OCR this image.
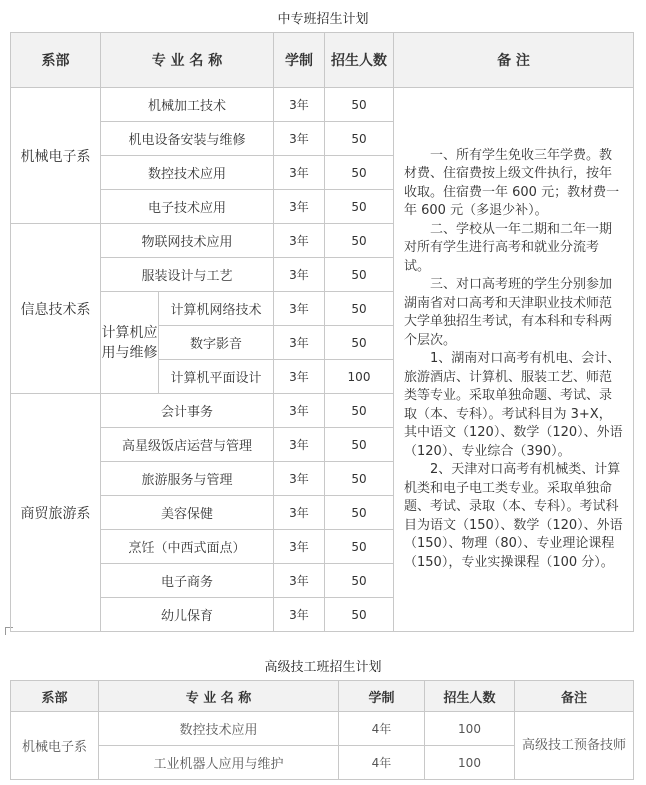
中专班招生计划
系部	专 业 名 称		学制	招生人数	备 注
机械电子系	机械加工技术		3年	50	一、所有学生免收三年学费。教材费、住宿费按上级文件执行，按年收取。住宿费一年 600 元；教材费一年 600 元（多退少补）。

二、学校从一年二期和二年一期对所有学生进行高考和就业分流考试。

三、对口高考班的学生分别参加湖南省对口高考和天津职业技术师范大学单独招生考试，有本科和专科两个层次。

1、湖南对口高考有机电、会计、旅游酒店、计算机、服装工艺、师范类等专业。采取单独命题、考试、录取（本、专科）。考试科目为 3+X，其中语文（120）、数学（120）、外语（120）、专业综合（390）。

2、天津对口高考有机械类、计算机类和电子电工类专业。采取单独命题、考试、录取（本、专科）。考试科目为语文（150）、数学（120）、外语（150）、物理（80）、专业理论课程（150），专业实操课程（100 分）。

	机电设备安装与维修		3年	50	
	数控技术应用		3年	50	
	电子技术应用		3年	50	
信息技术系	物联网技术应用		3年	50	
	服装设计与工艺		3年	50	
	计算机应用与维修	计算机网络技术	3年	50	
		数字影音	3年	50	
		计算机平面设计	3年	100	
商贸旅游系	会计事务		3年	50	
	高星级饭店运营与管理		3年	50	
	旅游服务与管理		3年	50	
	美容保健		3年	50	
	烹饪（中西式面点）		3年	50	
	电子商务		3年	50	
	幼儿保育		3年	50	
高级技工班招生计划
系部	专 业 名 称	学制	招生人数	备注
机械电子系	数控技术应用	4年	100	高级技工预备技师
	工业机器人应用与维护	4年	100	
